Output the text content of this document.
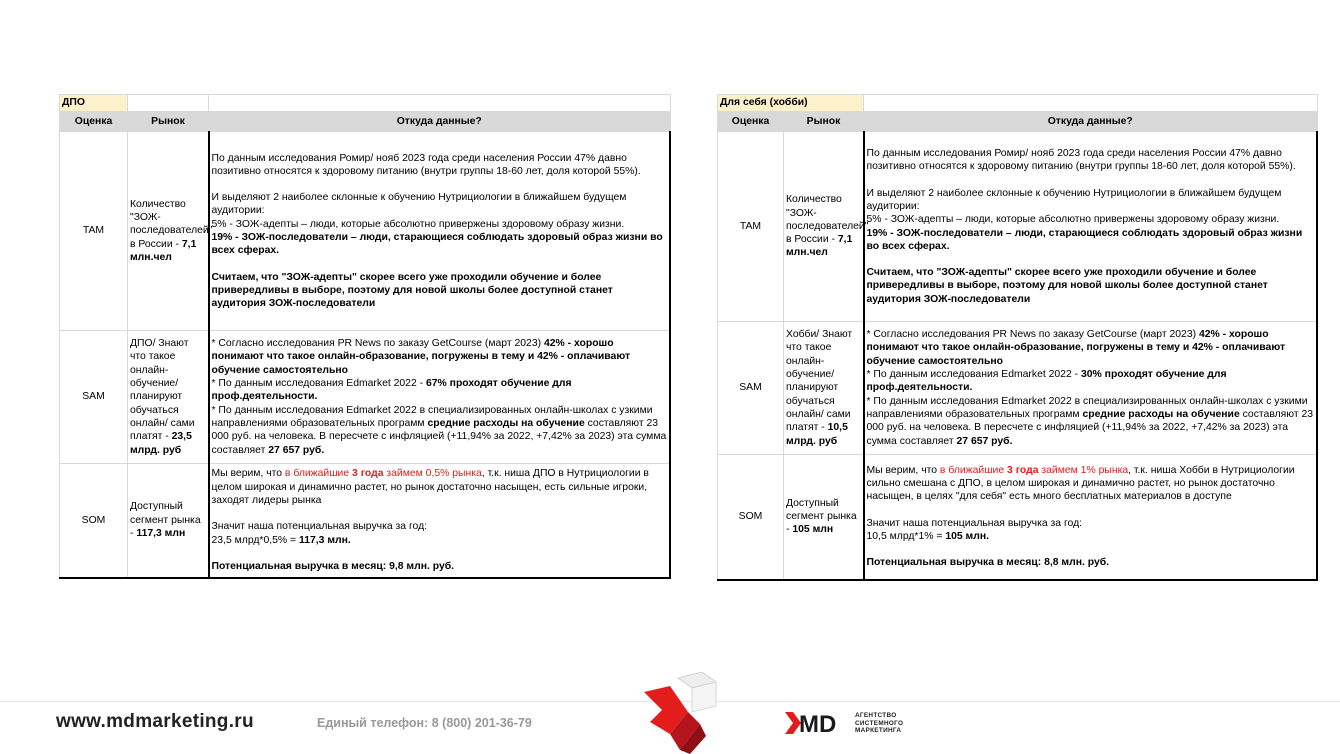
ДПО		
Оценка	Рынок	Откуда данные?
TAM	Количество "ЗОЖ-последователей" в России - 7,1 млн.чел	По данным исследования Ромир/ нояб 2023 года среди населения России 47% давно позитивно относятся к здоровому питанию (внутри группы 18-60 лет, доля которой 55%).

И выделяют 2 наиболее склонные к обучению Нутрициологии в ближайшем будущем аудитории:

5% - ЗОЖ-адепты – люди, которые абсолютно привержены здоровому образу жизни.

19% - ЗОЖ-последователи – люди, старающиеся соблюдать здоровый образ жизни во всех сферах.

Считаем, что "ЗОЖ-адепты" скорее всего уже проходили обучение и более привередливы в выборе, поэтому для новой школы более доступной станет аудитория ЗОЖ-последователи

SAM	ДПО/ Знают что такое онлайн-обучение/ планируют обучаться онлайн/ сами платят - 23,5 млрд. руб	* Согласно исследования PR News по заказу GetCourse (март 2023) 42% - хорошо понимают что такое онлайн-образование, погружены в тему и 42% - оплачивают обучение самостоятельно

* По данным исследования Edmarket 2022 - 67% проходят обучение для проф.деятельности.

* По данным исследования Edmarket 2022 в специализированных онлайн-школах с узкими направлениями образовательных программ средние расходы на обучение составляют 23 000 руб. на человека. В пересчете с инфляцией (+11,94% за 2022, +7,42% за 2023) эта сумма составляет 27 657 руб.

SOM	Доступный сегмент рынка - 117,3 млн	Мы верим, что в ближайшие 3 года займем 0,5% рынка, т.к. ниша ДПО в Нутрициологии в целом широкая и динамично растет, но рынок достаточно насыщен, есть сильные игроки, заходят лидеры рынка

Значит наша потенциальная выручка за год:

23,5 млрд*0,5% = 117,3 млн.

Потенциальная выручка в месяц: 9,8 млн. руб.

Для себя (хобби)		
Оценка	Рынок	Откуда данные?
TAM	Количество "ЗОЖ-последователей" в России - 7,1 млн.чел	По данным исследования Ромир/ нояб 2023 года среди населения России 47% давно позитивно относятся к здоровому питанию (внутри группы 18-60 лет, доля которой 55%).

И выделяют 2 наиболее склонные к обучению Нутрициологии в ближайшем будущем аудитории:

5% - ЗОЖ-адепты – люди, которые абсолютно привержены здоровому образу жизни.

19% - ЗОЖ-последователи – люди, старающиеся соблюдать здоровый образ жизни во всех сферах.

Считаем, что "ЗОЖ-адепты" скорее всего уже проходили обучение и более привередливы в выборе, поэтому для новой школы более доступной станет аудитория ЗОЖ-последователи

SAM	Хобби/ Знают что такое онлайн-обучение/ планируют обучаться онлайн/ сами платят - 10,5 млрд. руб	* Согласно исследования PR News по заказу GetCourse (март 2023) 42% - хорошо понимают что такое онлайн-образование, погружены в тему и 42% - оплачивают обучение самостоятельно

* По данным исследования Edmarket 2022 - 30% проходят обучение для проф.деятельности.

* По данным исследования Edmarket 2022 в специализированных онлайн-школах с узкими направлениями образовательных программ средние расходы на обучение составляют 23 000 руб. на человека. В пересчете с инфляцией (+11,94% за 2022, +7,42% за 2023) эта сумма составляет 27 657 руб.

SOM	Доступный сегмент рынка - 105 млн	Мы верим, что в ближайшие 3 года займем 1% рынка, т.к. ниша Хобби в Нутрициологии сильно смешана с ДПО, в целом широкая и динамично растет, но рынок достаточно насыщен, в целях "для себя" есть много бесплатных материалов в доступе

Значит наша потенциальная выручка за год:

10,5 млрд*1% = 105 млн.

Потенциальная выручка в месяц: 8,8 млн. руб.

www.mdmarketing.ru	Единый телефон: 8 (800) 201-36-79	MD	АГЕНТСТВО
СИСТЕМНОГО
МАРКЕТИНГА
